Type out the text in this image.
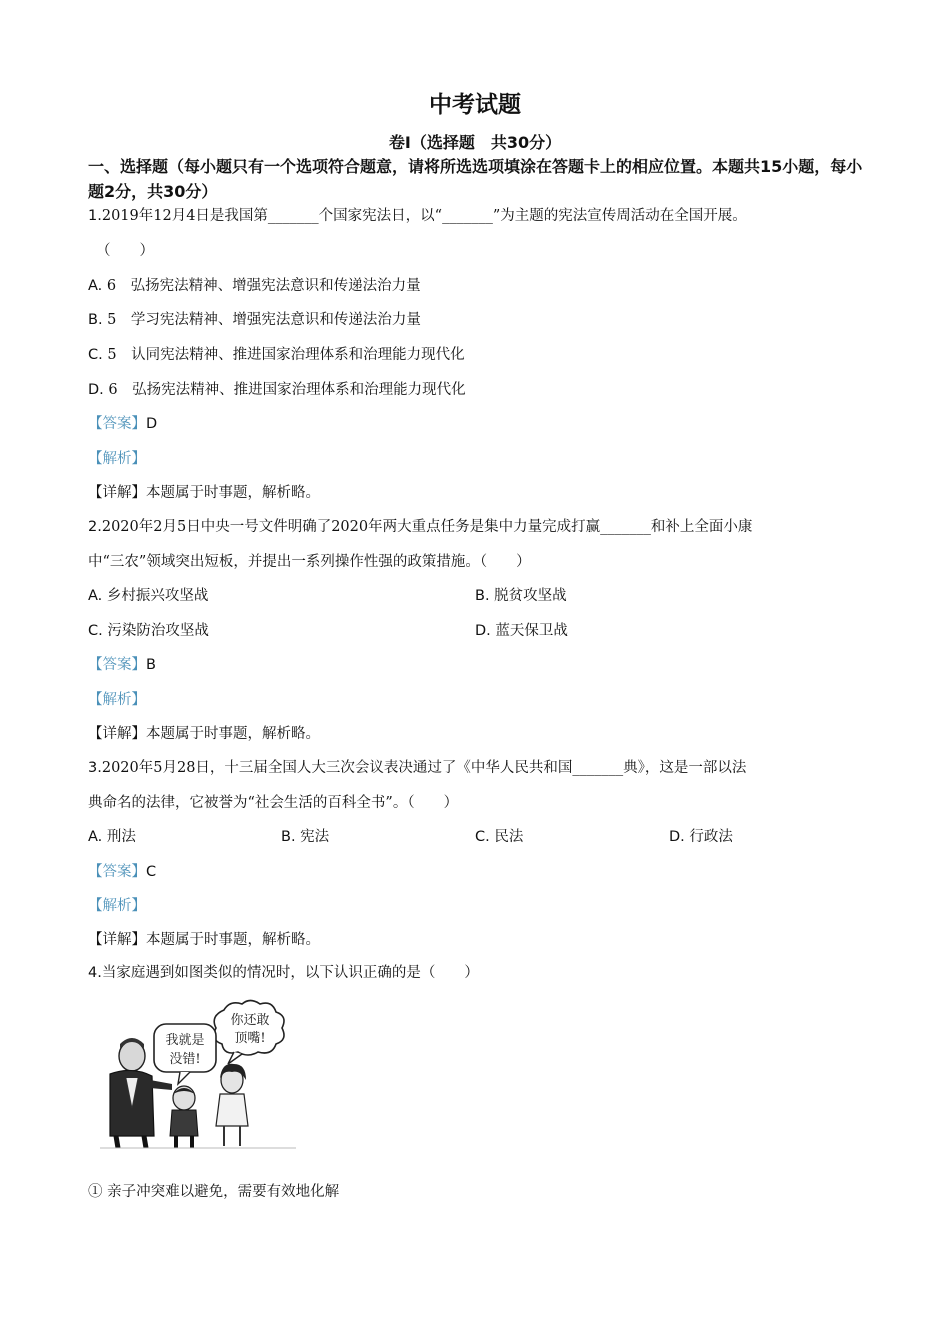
中考试题
卷Ⅰ（选择题　共30分）
一、选择题（每小题只有一个选项符合题意，请将所选选项填涂在答题卡上的相应位置。本题共15小题，每小题2分，共30分）
1.2019年12月4日是我国第_______个国家宪法日，以“_______”为主题的宪法宣传周活动在全国开展。
（　　）
A. 6　弘扬宪法精神、增强宪法意识和传递法治力量
B. 5　学习宪法精神、增强宪法意识和传递法治力量
C. 5　认同宪法精神、推进国家治理体系和治理能力现代化
D. 6　弘扬宪法精神、推进国家治理体系和治理能力现代化
【答案】D
【解析】
【详解】本题属于时事题，解析略。
2.2020年2月5日中央一号文件明确了2020年两大重点任务是集中力量完成打赢_______和补上全面小康
中“三农”领域突出短板，并提出一系列操作性强的政策措施。（　　）
A. 乡村振兴攻坚战	B. 脱贫攻坚战
C. 污染防治攻坚战	D. 蓝天保卫战
【答案】B
【解析】
【详解】本题属于时事题，解析略。
3.2020年5月28日，十三届全国人大三次会议表决通过了《中华人民共和国_______典》，这是一部以法
典命名的法律，它被誉为“社会生活的百科全书”。（　　）
A. 刑法	B. 宪法	C. 民法	D. 行政法
【答案】C
【解析】
【详解】本题属于时事题，解析略。
4.当家庭遇到如图类似的情况时，以下认识正确的是（　　）
你还敢
顶嘴!
我就是
没错!
① 亲子冲突难以避免，需要有效地化解
